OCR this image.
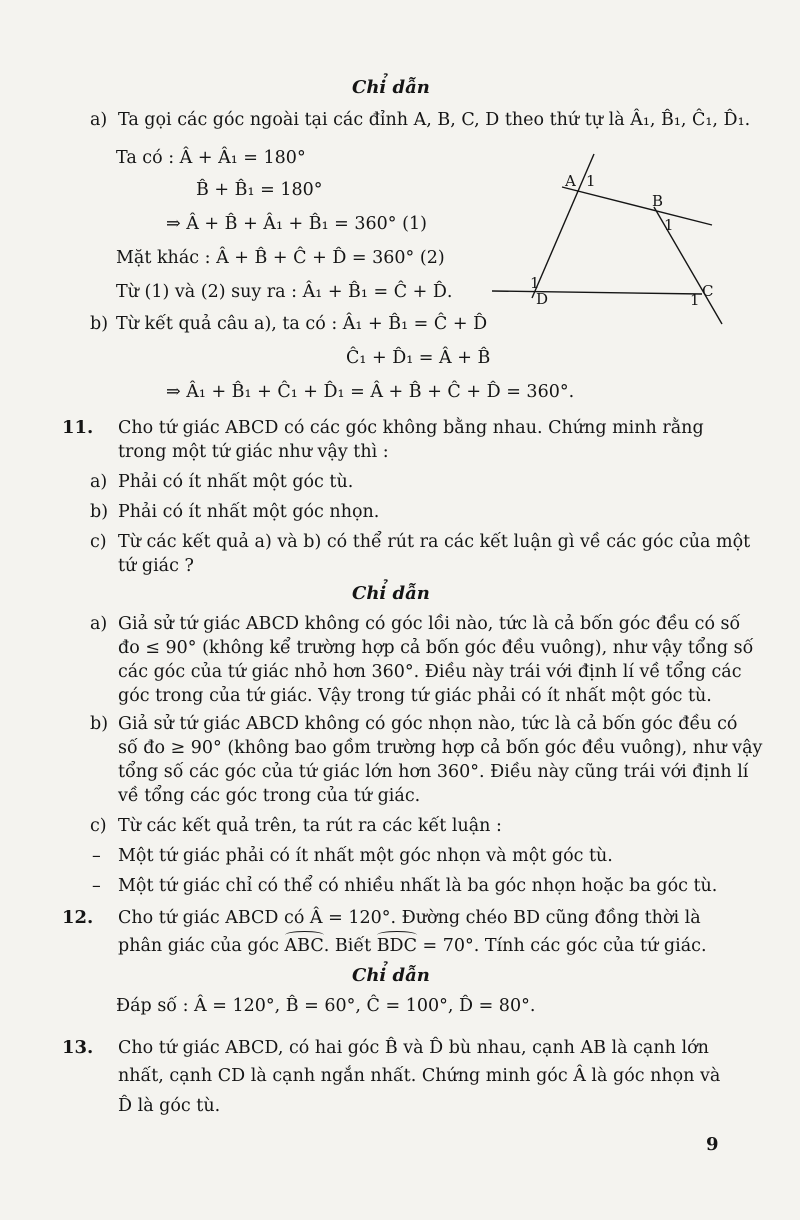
Chỉ dẫn
a) Ta gọi các góc ngoài tại các đỉnh A, B, C, D theo thứ tự là Â₁, B̂₁, Ĉ₁, D̂₁.
Ta có : Â + Â₁ = 180°
B̂ + B̂₁ = 180°
⇒ Â + B̂ + Â₁ + B̂₁ = 360° (1)
Mặt khác : Â + B̂ + Ĉ + D̂ = 360° (2)
Từ (1) và (2) suy ra : Â₁ + B̂₁ = Ĉ + D̂.
b) Từ kết quả câu a), ta có : Â₁ + B̂₁ = Ĉ + D̂
Ĉ₁ + D̂₁ = Â + B̂
⇒ Â₁ + B̂₁ + Ĉ₁ + D̂₁ = Â + B̂ + Ĉ + D̂ = 360°.
A 1
B
1
C
1
D
1
11. Cho tứ giác ABCD có các góc không bằng nhau. Chứng minh rằng
trong một tứ giác như vậy thì :
a) Phải có ít nhất một góc tù.
b) Phải có ít nhất một góc nhọn.
c) Từ các kết quả a) và b) có thể rút ra các kết luận gì về các góc của một
tứ giác ?
Chỉ dẫn
a) Giả sử tứ giác ABCD không có góc lồi nào, tức là cả bốn góc đều có số
đo ≤ 90° (không kể trường hợp cả bốn góc đều vuông), như vậy tổng số
các góc của tứ giác nhỏ hơn 360°. Điều này trái với định lí về tổng các
góc trong của tứ giác. Vậy trong tứ giác phải có ít nhất một góc tù.
b) Giả sử tứ giác ABCD không có góc nhọn nào, tức là cả bốn góc đều có
số đo ≥ 90° (không bao gồm trường hợp cả bốn góc đều vuông), như vậy
tổng số các góc của tứ giác lớn hơn 360°. Điều này cũng trái với định lí
về tổng các góc trong của tứ giác.
c) Từ các kết quả trên, ta rút ra các kết luận :
– Một tứ giác phải có ít nhất một góc nhọn và một góc tù.
– Một tứ giác chỉ có thể có nhiều nhất là ba góc nhọn hoặc ba góc tù.
12. Cho tứ giác ABCD có Â = 120°. Đường chéo BD cũng đồng thời là
phân giác của góc ABC. Biết BDC = 70°. Tính các góc của tứ giác.
Chỉ dẫn
Đáp số : Â = 120°, B̂ = 60°, Ĉ = 100°, D̂ = 80°.
13. Cho tứ giác ABCD, có hai góc B̂ và D̂ bù nhau, cạnh AB là cạnh lớn
nhất, cạnh CD là cạnh ngắn nhất. Chứng minh góc Â là góc nhọn và
D̂ là góc tù.
9
